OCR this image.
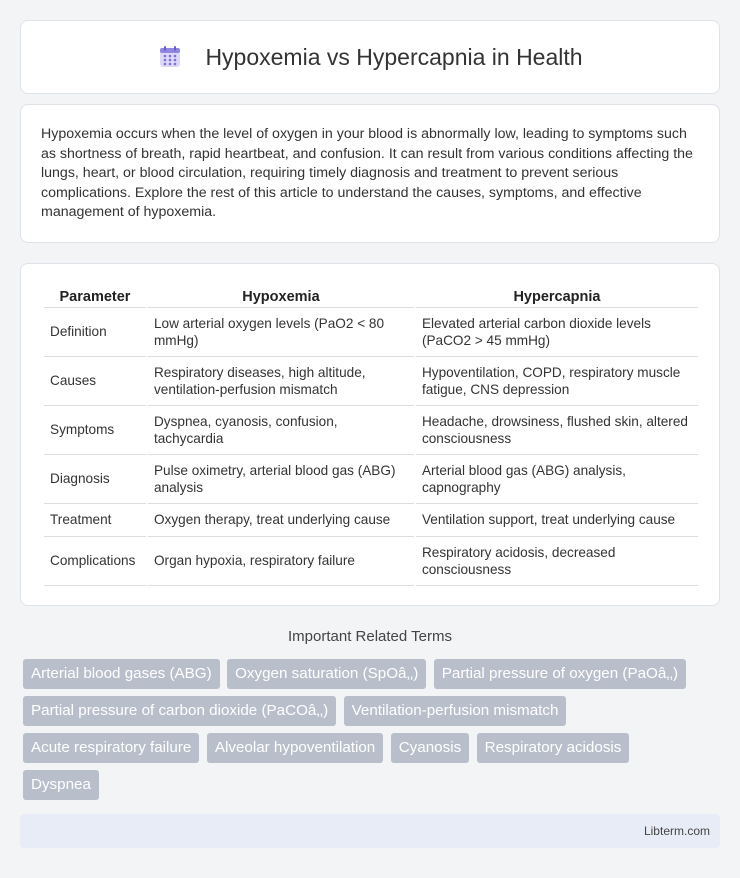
Hypoxemia vs Hypercapnia in Health

Hypoxemia occurs when the level of oxygen in your blood is abnormally low, leading to symptoms such as shortness of breath, rapid heartbeat, and confusion. It can result from various conditions affecting the lungs, heart, or blood circulation, requiring timely diagnosis and treatment to prevent serious complications. Explore the rest of this article to understand the causes, symptoms, and effective management of hypoxemia.

Parameter	Hypoxemia	Hypercapnia
Definition	Low arterial oxygen levels (PaO2 < 80 mmHg)	Elevated arterial carbon dioxide levels (PaCO2 > 45 mmHg)
Causes	Respiratory diseases, high altitude, ventilation-perfusion mismatch	Hypoventilation, COPD, respiratory muscle fatigue, CNS depression
Symptoms	Dyspnea, cyanosis, confusion, tachycardia	Headache, drowsiness, flushed skin, altered consciousness
Diagnosis	Pulse oximetry, arterial blood gas (ABG) analysis	Arterial blood gas (ABG) analysis, capnography
Treatment	Oxygen therapy, treat underlying cause	Ventilation support, treat underlying cause
Complications	Organ hypoxia, respiratory failure	Respiratory acidosis, decreased consciousness
Important Related Terms
Arterial blood gases (ABG) Oxygen saturation (SpOâ‚‚) Partial pressure of oxygen (PaOâ‚‚) Partial pressure of carbon dioxide (PaCOâ‚‚) Ventilation-perfusion mismatch Acute respiratory failure Alveolar hypoventilation Cyanosis Respiratory acidosis Dyspnea
Libterm.com
